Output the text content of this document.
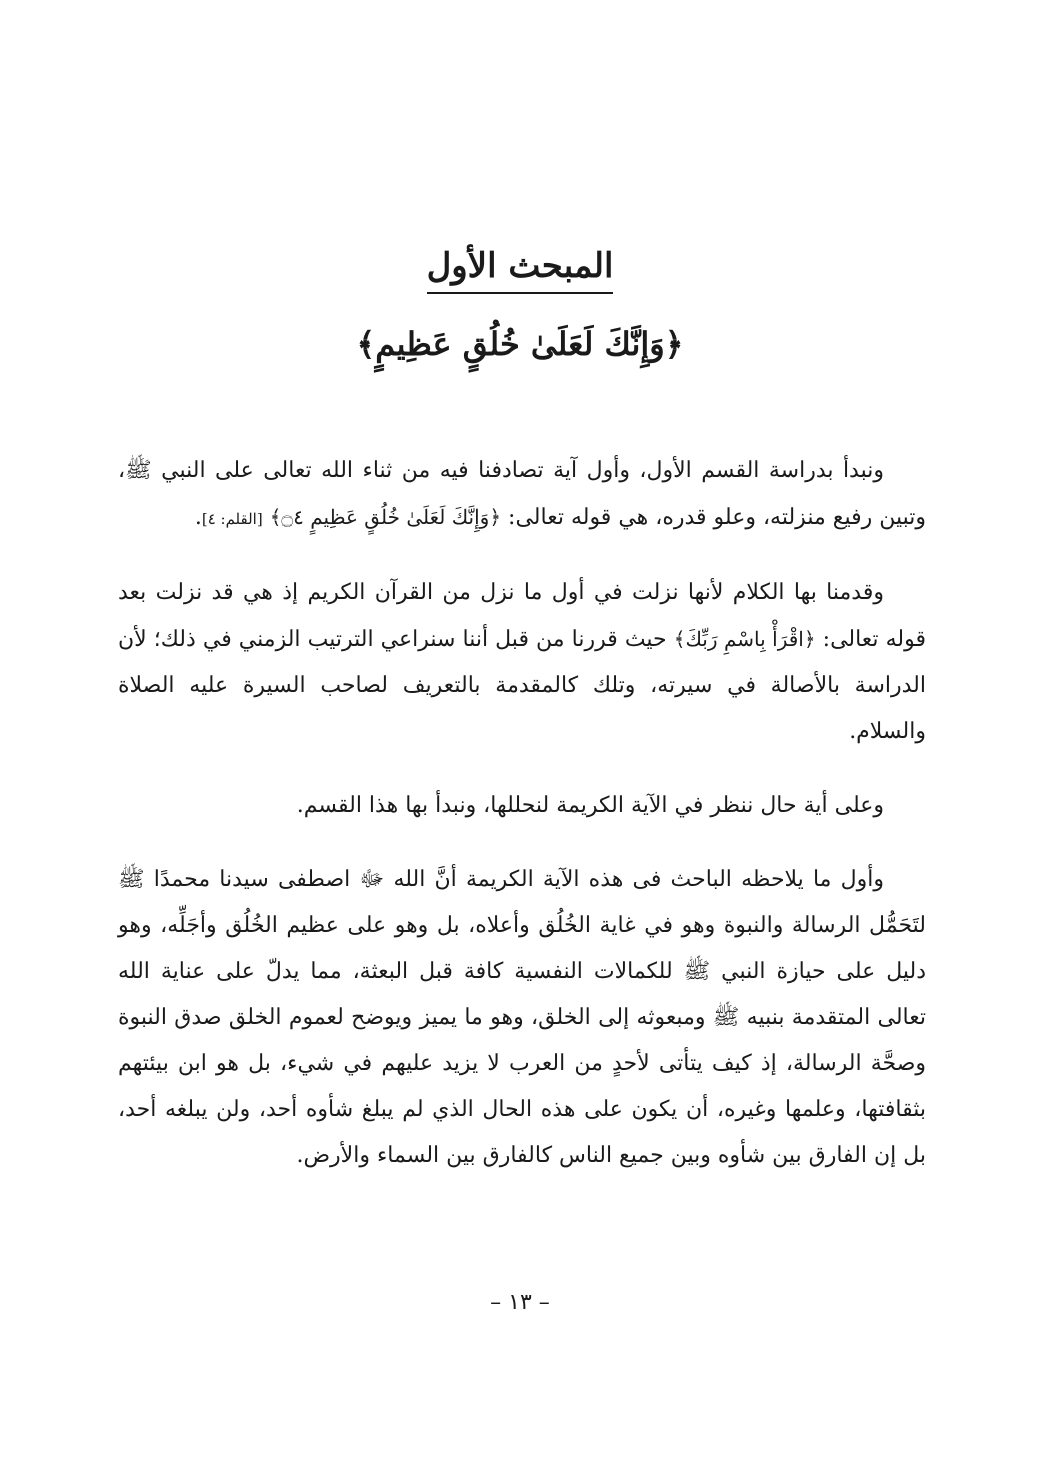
المبحث الأول
﴿وَإِنَّكَ لَعَلَىٰ خُلُقٍ عَظِيمٍ﴾

ونبدأ بدراسة القسم الأول، وأول آية تصادفنا فيه من ثناء الله تعالى على النبي ﷺ، وتبين رفيع منزلته، وعلو قدره، هي قوله تعالى: ﴿وَإِنَّكَ لَعَلَىٰ خُلُقٍ عَظِيمٍ ۝٤﴾ [القلم: ٤].

وقدمنا بها الكلام لأنها نزلت في أول ما نزل من القرآن الكريم إذ هي قد نزلت بعد قوله تعالى: ﴿اقْرَأْ بِاسْمِ رَبِّكَ﴾ حيث قررنا من قبل أننا سنراعي الترتيب الزمني في ذلك؛ لأن الدراسة بالأصالة في سيرته، وتلك كالمقدمة بالتعريف لصاحب السيرة عليه الصلاة والسلام.

وعلى أية حال ننظر في الآية الكريمة لنحللها، ونبدأ بها هذا القسم.

وأول ما يلاحظه الباحث فى هذه الآية الكريمة أنَّ الله ﷻ اصطفى سيدنا محمدًا ﷺ لتَحَمُّل الرسالة والنبوة وهو في غاية الخُلُق وأعلاه، بل وهو على عظيم الخُلُق وأجَلِّه، وهو دليل على حيازة النبي ﷺ للكمالات النفسية كافة قبل البعثة، مما يدلّ على عناية الله تعالى المتقدمة بنبيه ﷺ ومبعوثه إلى الخلق، وهو ما يميز ويوضح لعموم الخلق صدق النبوة وصحَّة الرسالة، إذ كيف يتأتى لأحدٍ من العرب لا يزيد عليهم في شيء، بل هو ابن بيئتهم بثقافتها، وعلمها وغيره، أن يكون على هذه الحال الذي لم يبلغ شأوه أحد، ولن يبلغه أحد، بل إن الفارق بين شأوه وبين جميع الناس كالفارق بين السماء والأرض.

– ١٣ –
